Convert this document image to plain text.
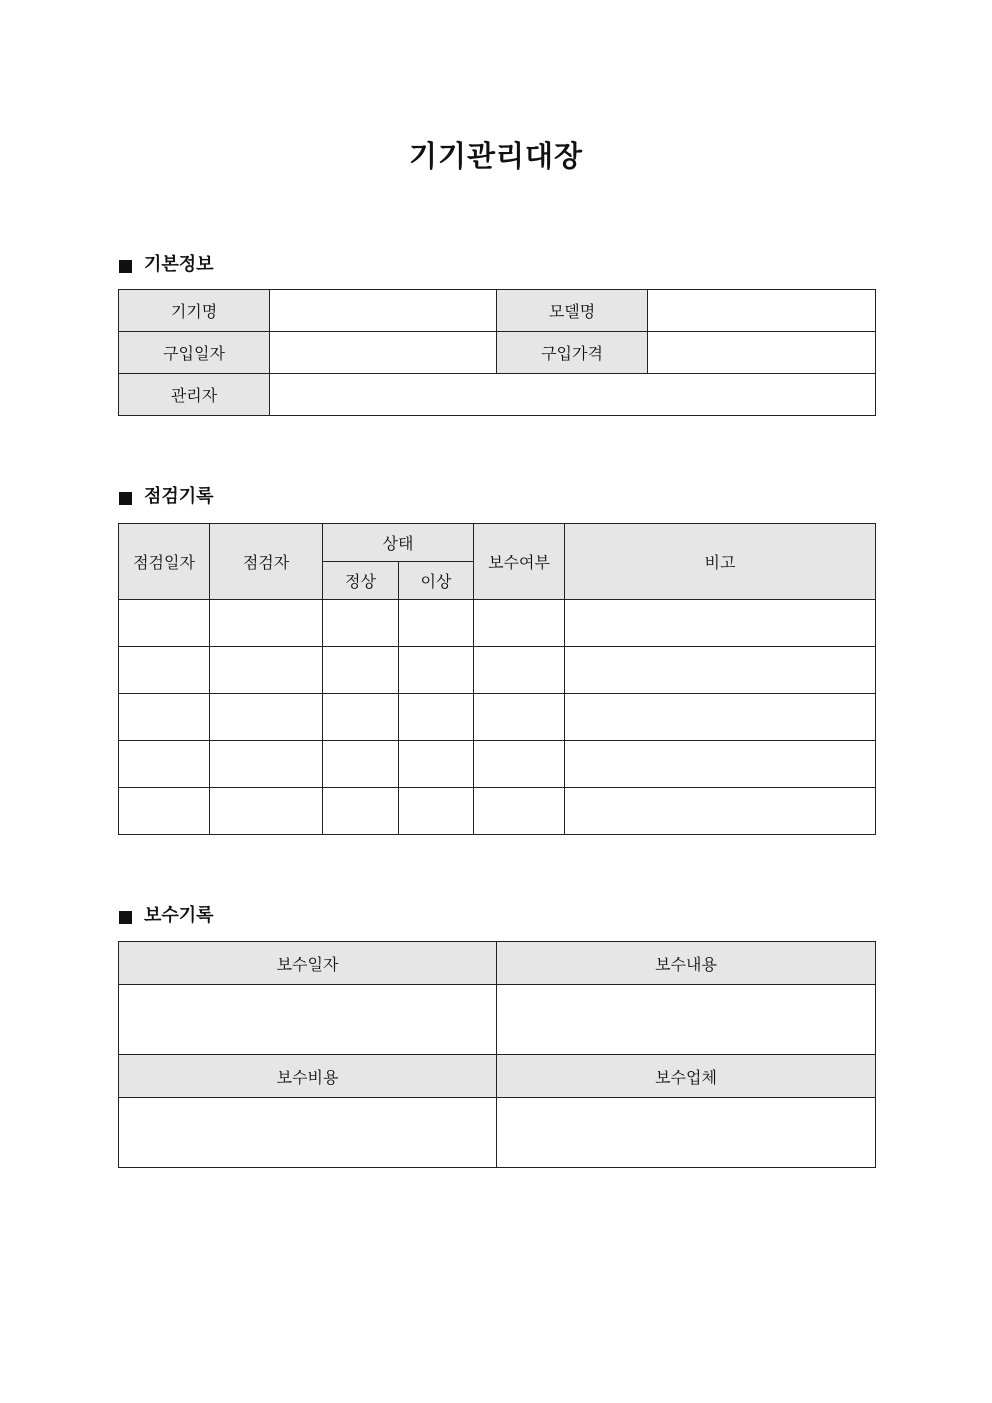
기기관리대장
기본정보
기기명		모델명	
구입일자		구입가격	
관리자			
점검기록
점검일자	점검자	상태		보수여부	비고
		정상	이상		

보수기록
보수일자	보수내용

보수비용	보수업체
